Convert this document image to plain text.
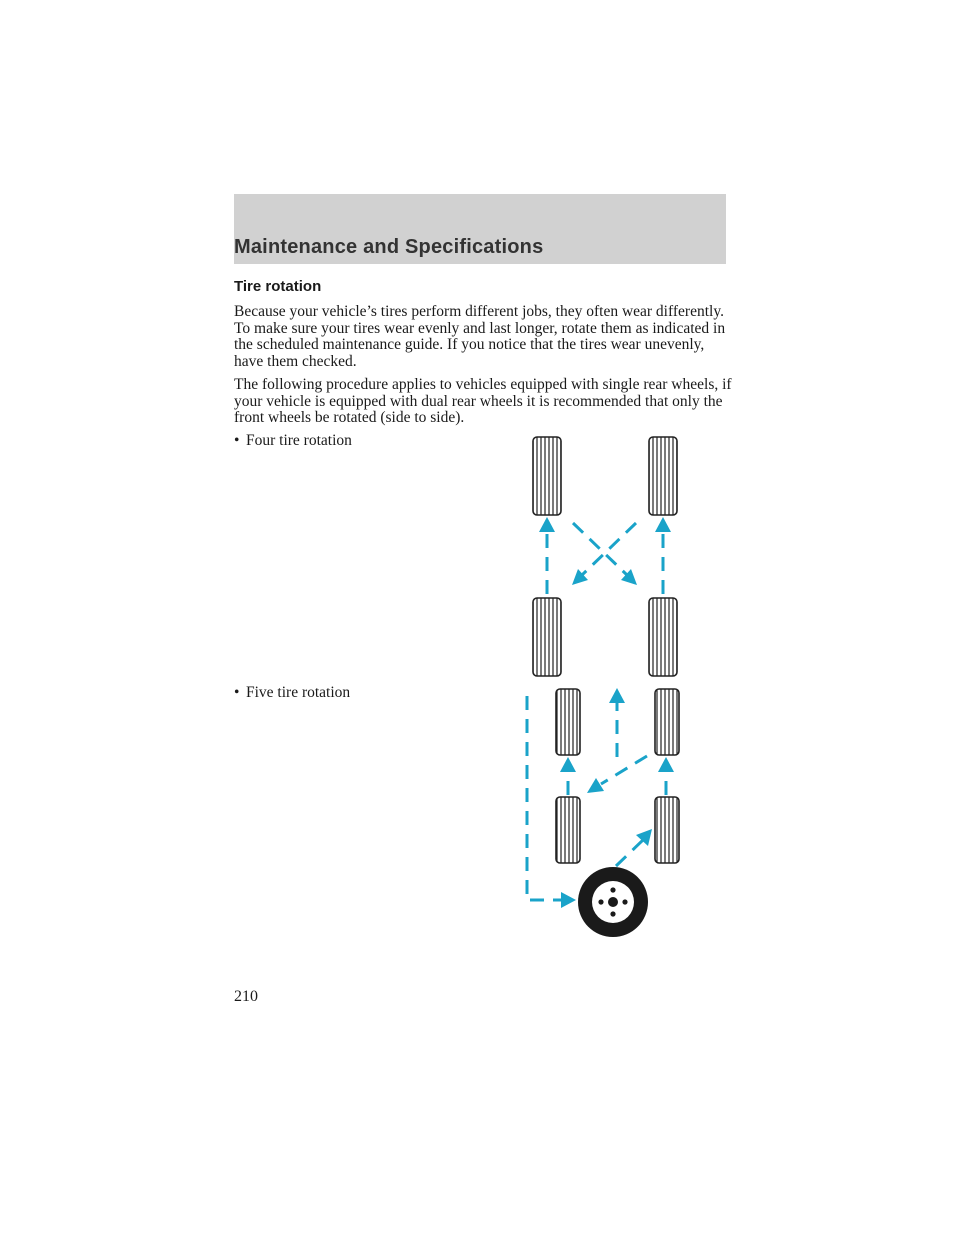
Maintenance and Specifications
Tire rotation
Because your vehicle’s tires perform different jobs, they often wear differently. To make sure your tires wear evenly and last longer, rotate them as indicated in the scheduled maintenance guide. If you notice that the tires wear unevenly, have them checked.
The following procedure applies to vehicles equipped with single rear wheels, if your vehicle is equipped with dual rear wheels it is recommended that only the front wheels be rotated (side to side).
• Four tire rotation
• Five tire rotation
210
